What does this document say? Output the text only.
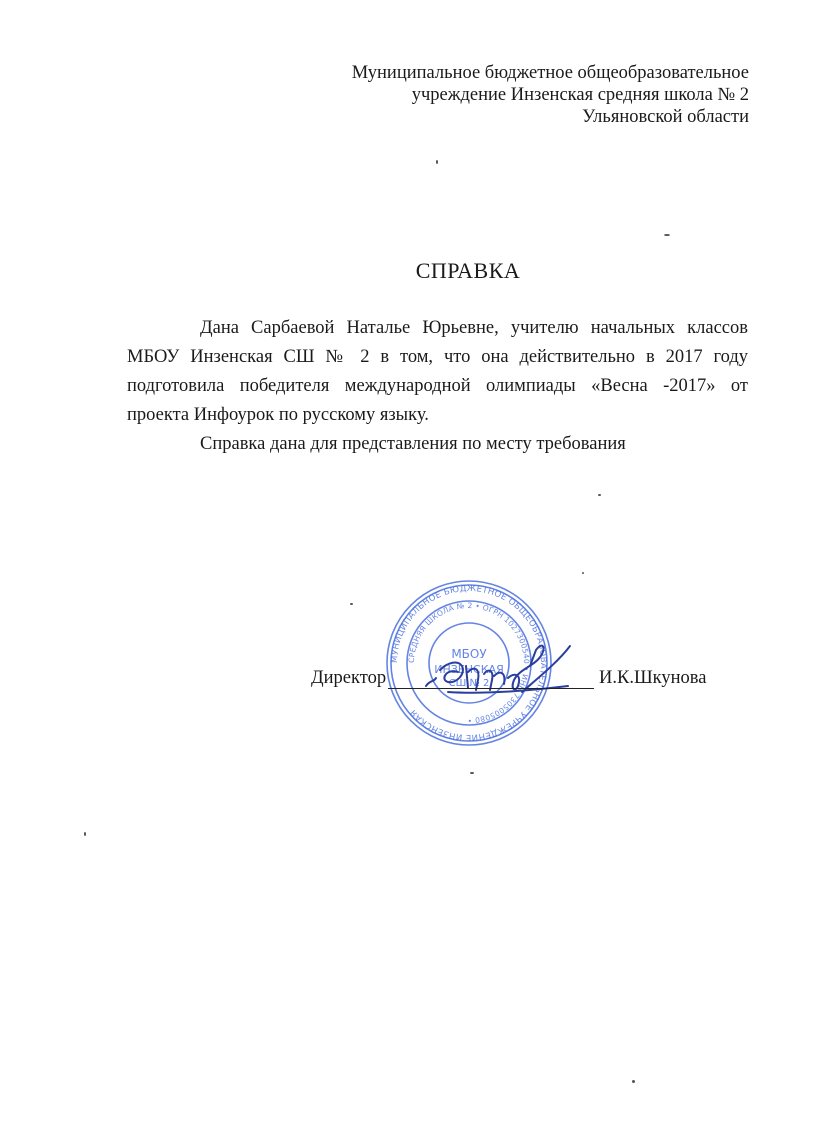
Муниципальное бюджетное общеобразовательное
учреждение Инзенская средняя школа № 2
Ульяновской области
СПРАВКА

Дана Сарбаевой Наталье Юрьевне, учителю начальных классов МБОУ Инзенская СШ № 2 в том, что она действительно в 2017 году подготовила победителя международной олимпиады «Весна -2017» от проекта Инфоурок по русскому языку.

Справка дана для представления по месту требования

МУНИЦИПАЛЬНОЕ БЮДЖЕТНОЕ ОБЩЕОБРАЗОВАТЕЛЬНОЕ УЧРЕЖДЕНИЕ ИНЗЕНСКАЯ
СРЕДНЯЯ ШКОЛА № 2 • ОГРН 1027300540 • ИНН 7305005080 •
МБОУ
ИНЗЕНСКАЯ
СШ № 2
Директор	И.К.Шкунова
